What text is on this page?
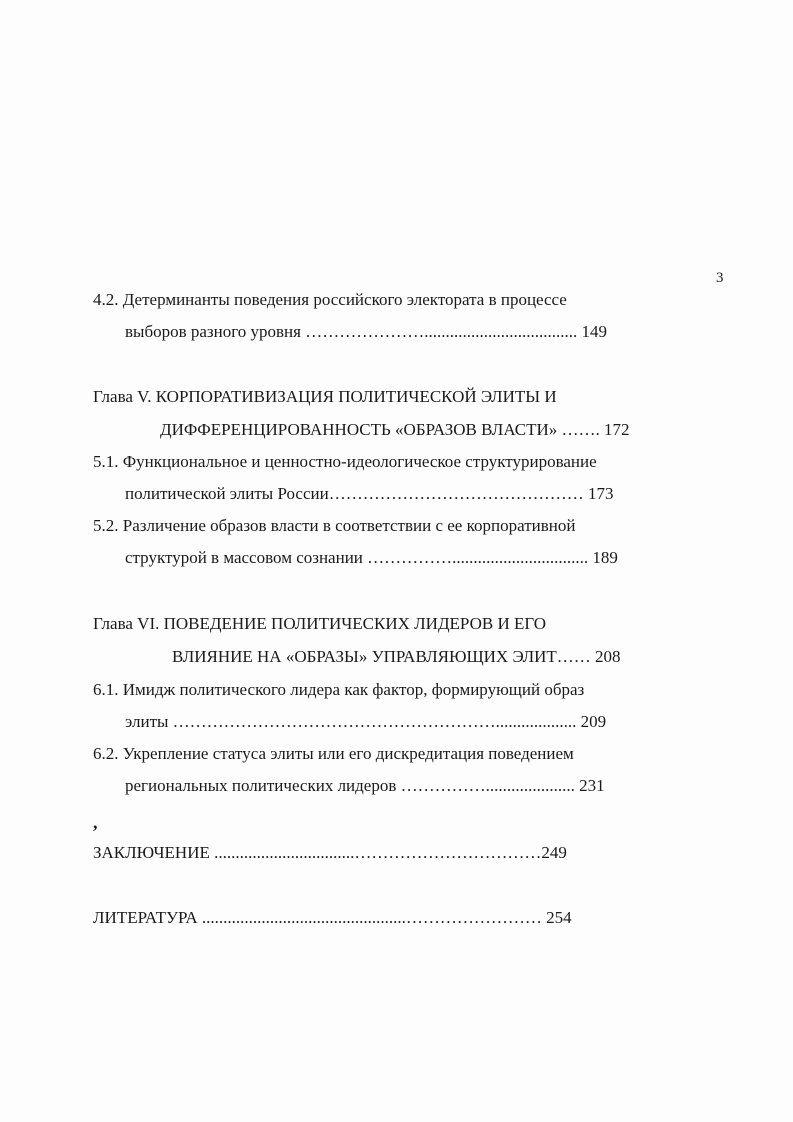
3
4.2. Детерминанты поведения российского электората в процессе
выборов разного уровня ………………….................................... 149
Глава V. КОРПОРАТИВИЗАЦИЯ ПОЛИТИЧЕСКОЙ ЭЛИТЫ И
ДИФФЕРЕНЦИРОВАННОСТЬ «ОБРАЗОВ ВЛАСТИ» ……. 172
5.1. Функциональное и ценностно-идеологическое структурирование
политической элиты России……………………………………… 173
5.2. Различение образов власти в соответствии с ее корпоративной
структурой в массовом сознании ……………................................ 189
Глава VI. ПОВЕДЕНИЕ ПОЛИТИЧЕСКИХ ЛИДЕРОВ И ЕГО
ВЛИЯНИЕ НА «ОБРАЗЫ» УПРАВЛЯЮЩИХ ЭЛИТ…… 208
6.1. Имидж политического лидера как фактор, формирующий образ
элиты …………………………………………………................... 209
6.2. Укрепление статуса элиты или его дискредитация поведением
региональных политических лидеров ……………..................... 231
,
ЗАКЛЮЧЕНИЕ .................................……………………………249
ЛИТЕРАТУРА ................................................…………………… 254
